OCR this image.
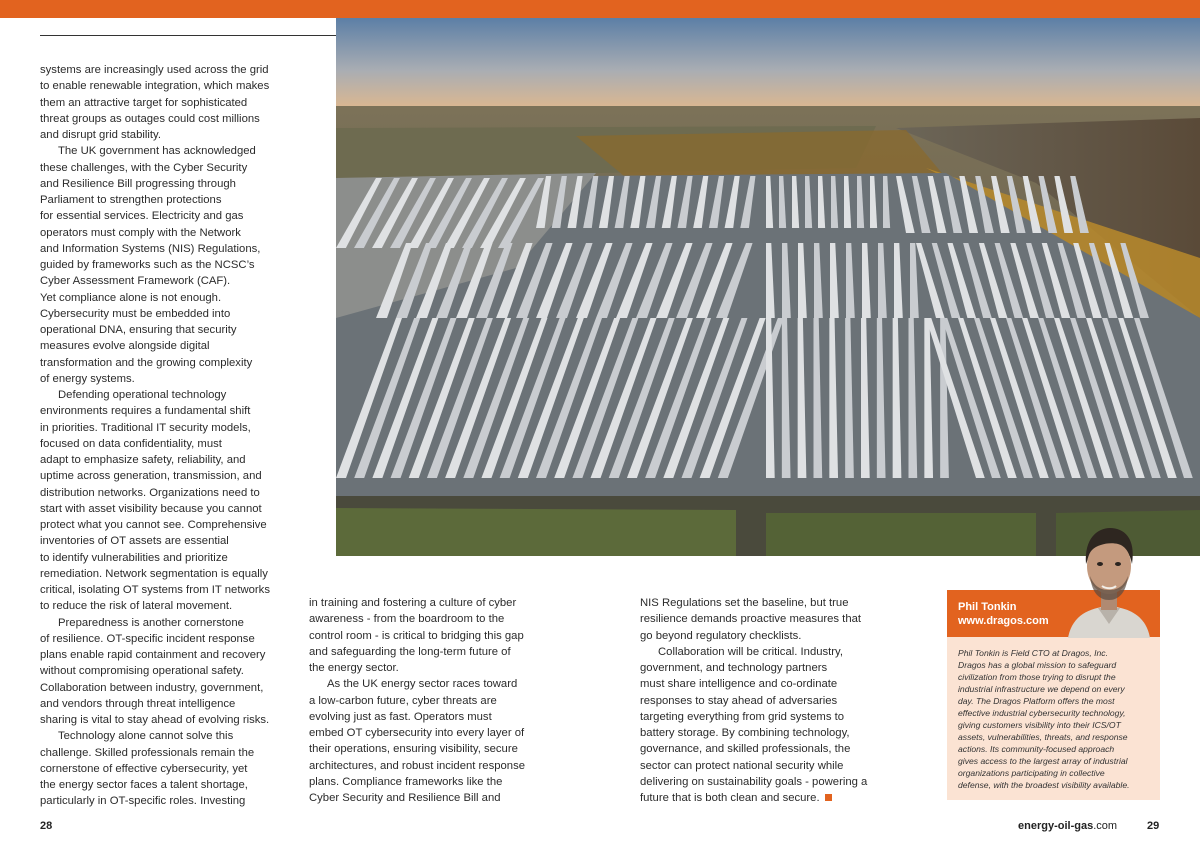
systems are increasingly used across the grid
to enable renewable integration, which makes
them an attractive target for sophisticated
threat groups as outages could cost millions
and disrupt grid stability.

The UK government has acknowledged
these challenges, with the Cyber Security
and Resilience Bill progressing through
Parliament to strengthen protections
for essential services. Electricity and gas
operators must comply with the Network
and Information Systems (NIS) Regulations,
guided by frameworks such as the NCSC’s
Cyber Assessment Framework (CAF).
Yet compliance alone is not enough.
Cybersecurity must be embedded into
operational DNA, ensuring that security
measures evolve alongside digital
transformation and the growing complexity
of energy systems.

Defending operational technology
environments requires a fundamental shift
in priorities. Traditional IT security models,
focused on data confidentiality, must
adapt to emphasize safety, reliability, and
uptime across generation, transmission, and
distribution networks. Organizations need to
start with asset visibility because you cannot
protect what you cannot see. Comprehensive
inventories of OT assets are essential
to identify vulnerabilities and prioritize
remediation. Network segmentation is equally
critical, isolating OT systems from IT networks
to reduce the risk of lateral movement.

Preparedness is another cornerstone
of resilience. OT-specific incident response
plans enable rapid containment and recovery
without compromising operational safety.
Collaboration between industry, government,
and vendors through threat intelligence
sharing is vital to stay ahead of evolving risks.

Technology alone cannot solve this
challenge. Skilled professionals remain the
cornerstone of effective cybersecurity, yet
the energy sector faces a talent shortage,
particularly in OT-specific roles. Investing

in training and fostering a culture of cyber
awareness - from the boardroom to the
control room - is critical to bridging this gap
and safeguarding the long-term future of
the energy sector.

As the UK energy sector races toward
a low-carbon future, cyber threats are
evolving just as fast. Operators must
embed OT cybersecurity into every layer of
their operations, ensuring visibility, secure
architectures, and robust incident response
plans. Compliance frameworks like the
Cyber Security and Resilience Bill and

NIS Regulations set the baseline, but true
resilience demands proactive measures that
go beyond regulatory checklists.

Collaboration will be critical. Industry,
government, and technology partners
must share intelligence and co-ordinate
responses to stay ahead of adversaries
targeting everything from grid systems to
battery storage. By combining technology,
governance, and skilled professionals, the
sector can protect national security while
delivering on sustainability goals - powering a
future that is both clean and secure.

Phil Tonkin
www.dragos.com
Phil Tonkin is Field CTO at Dragos, Inc.
Dragos has a global mission to safeguard
civilization from those trying to disrupt the
industrial infrastructure we depend on every
day. The Dragos Platform offers the most
effective industrial cybersecurity technology,
giving customers visibility into their ICS/OT
assets, vulnerabilities, threats, and response
actions. Its community-focused approach
gives access to the largest array of industrial
organizations participating in collective
defense, with the broadest visibility available.
28	energy-oil-gas.com	29
